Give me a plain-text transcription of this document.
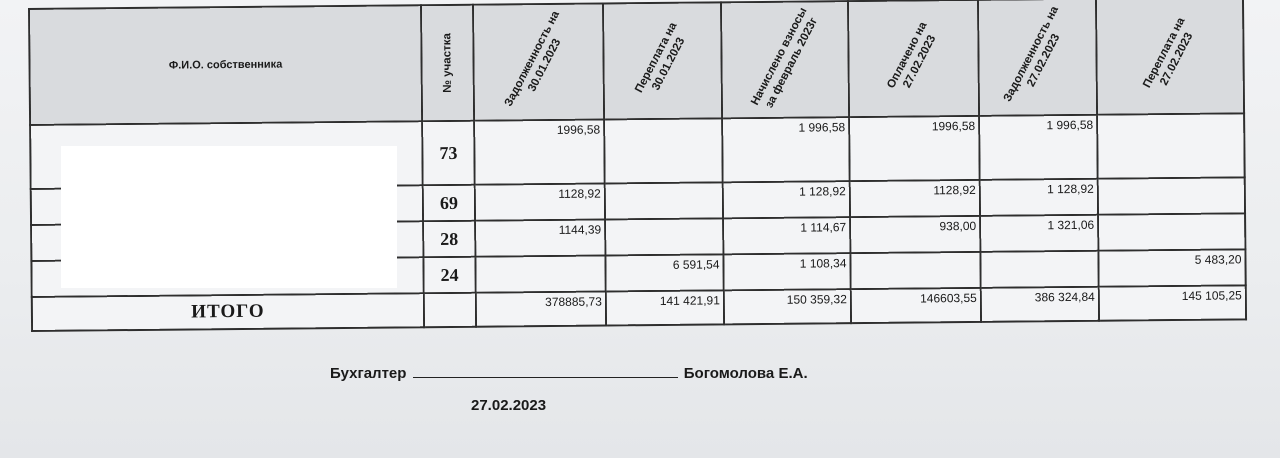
Ф.И.О. собственника	№ участка	Задолженность на 30.01.2023	Переплата на 30.01.2023	Начислено взносы за февраль 2023г	Оплачено на 27.02.2023	Задолженность на 27.02.2023	Переплата на 27.02.2023

	73	1996,58		1 996,58	1996,58	1 996,58	
	69	1128,92		1 128,92	1128,92	1 128,92	
	28	1144,39		1 114,67	938,00	1 321,06	
	24		6 591,54	1 108,34			5 483,20
ИТОГО		378885,73	141 421,91	150 359,32	146603,55	386 324,84	145 105,25
Бухгалтер	Богомолова Е.А.
27.02.2023
